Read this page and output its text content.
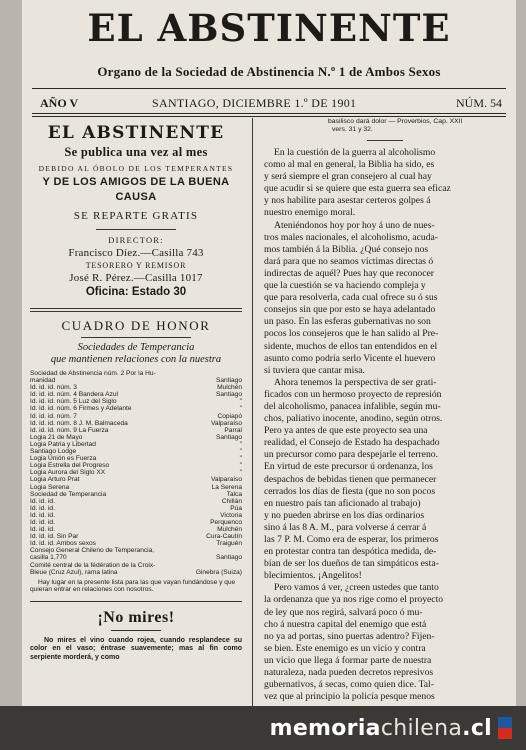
EL ABSTINENTE
Organo de la Sociedad de Abstinencia N.º 1 de Ambos Sexos
AÑO V	SANTIAGO, DICIEMBRE 1.º DE 1901	NÚM. 54
EL ABSTINENTE
Se publica una vez al mes
DEBIDO AL ÓBOLO DE LOS TEMPERANTES
Y DE LOS AMIGOS DE LA BUENA CAUSA
SE REPARTE GRATIS
DIRECTOR:
Francisco Díez.—Casilla 743
TESORERO Y REMISOR
José R. Pérez.—Casilla 1017
Oficina: Estado 30
CUADRO DE HONOR
Sociedades de Temperancia
que mantienen relaciones con la nuestra
Sociedad de Abstinencia núm. 2 Por la Hu-
manidad	Santiago
Id. id. id. núm. 3	Mulchén
Id. id. id. núm. 4 Bandera Azul	Santiago
Id. id. id. núm. 5 Luz del Siglo	"
Id. id. id. núm. 6 Firmes y Adelante	"
Id. id. id. núm. 7	Copiapó
Id. id. id. núm. 8 J. M. Balmaceda	Valparaíso
Id. id. id. núm. 9 La Fuerza	Parral
Logia 21 de Mayo	Santiago
Logia Patria y Libertad	"
Santiago Lodge	"
Logia Unión es Fuerza	"
Logia Estrella del Progreso	"
Logia Aurora del Siglo XX	"
Logia Arturo Prat	Valparaíso
Logia Serena	La Serena
Sociedad de Temperancia	Talca
Id. id. id.	Chillán
Id. id. id.	Púa
Id. id. id.	Victoria
Id. id. id.	Perquenco
Id. id. id.	Mulchén
Id. id. id. Sin Par	Cura-Cautín
Id. id. id. Ambos sexos	Traiguén
Consejo General Chileno de Temperancia,
casilla 1,770	Santiago
Comité central de la fédération de la Croix-
Bleue (Cruz Azul), rama latina	Ginebra (Suiza)
Hay lugar en la presente lista para las que vayan fundándose y que quieran entrar en relaciones con nosotros.
¡No mires!
No mires el vino cuando rojea, cuando resplandece su color en el vaso; éntrase suavemente; mas al fin como serpiente morderá, y como
basilisco dará dolor — Proverbios, Cap. XXII
vers. 31 y 32.

En la cuestión de la guerra al alcoholismo
como al mal en general, la Biblia ha sido, es
y será siempre el gran consejero al cual hay
que acudir si se quiere que esta guerra sea eficaz
y nos habilite para asestar certeros golpes á
nuestro enemigo moral.

Ateniéndonos hoy por hoy á uno de nues-
tros males nacionales, el alcoholismo, acuda-
mos también á la Biblia. ¿Qué consejo nos
dará para que no seamos víctimas directas ó
indirectas de aquél? Pues hay que reconocer
que la cuestión se va haciendo compleja y
que para resolverla, cada cual ofrece su ó sus
consejos sin que por esto se haya adelantado
un paso. En las esferas gubernativas no son
pocos los consejeros que le han salido al Pre-
sidente, muchos de ellos tan entendidos en el
asunto como podría serlo Vicente el huevero
si tuviera que cantar misa.

Ahora tenemos la perspectiva de ser grati-
ficados con un hermoso proyecto de represión
del alcoholismo, panacea infalible, según mu-
chos, paliativo inocente, anodino, según otros.
Pero ya antes de que este proyecto sea una
realidad, el Consejo de Estado ha despachado
un precursor como para despejarle el terreno.
En virtud de este precursor ú ordenanza, los
despachos de bebidas tienen que permanecer
cerrados los días de fiesta (que no son pocos
en nuestro país tan aficionado al trabajo)
y no pueden abrirse en los días ordinarios
sino á las 8 A. M., para volverse á cerrar á
las 7 P. M. Como era de esperar, los primeros
en protestar contra tan despótica medida, de-
bían de ser los dueños de tan simpáticos esta-
blecimientos. ¡Angelitos!

Pero vamos á ver, ¿creen ustedes que tanto
la ordenanza que ya nos rige como el proyecto
de ley que nos regirá, salvará poco ó mu-
cho á nuestra capital del enemigo que está
no ya ad portas, sino puertas adentro? Fijen-
se bien. Este enemigo es un vicio y contra
un vicio que llega á formar parte de nuestra
naturaleza, nada pueden decretos represivos
gubernativos, á secas, como quien dice. Tal-
vez que al principio la policía pesque menos

memoria chilena .cl
